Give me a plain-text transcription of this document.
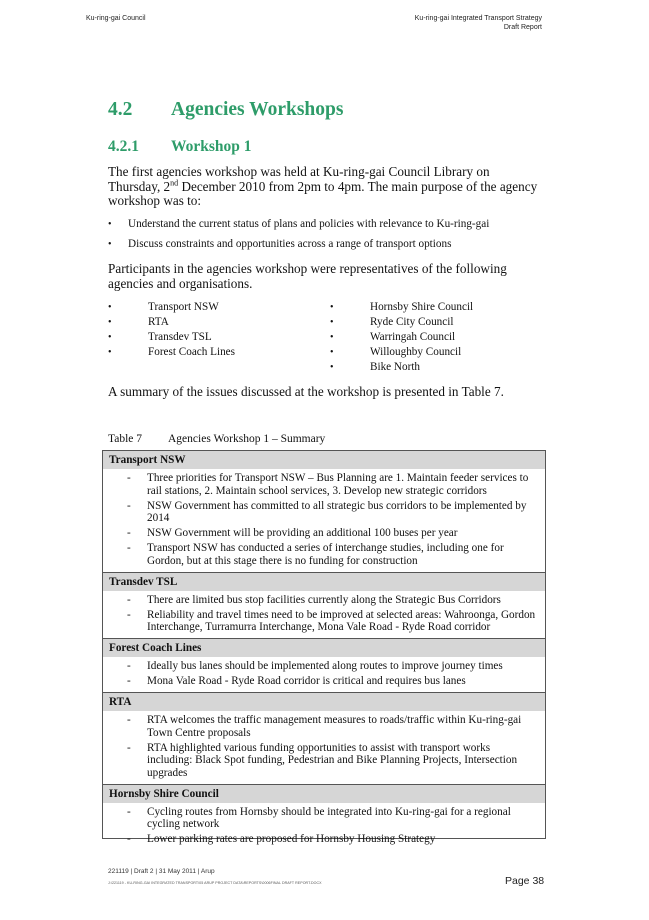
Ku-ring-gai Council	Ku-ring-gai Integrated Transport Strategy
Draft Report
4.2 Agencies Workshops
4.2.1 Workshop 1
The first agencies workshop was held at Ku-ring-gai Council Library on Thursday, 2nd December 2010 from 2pm to 4pm. The main purpose of the agency workshop was to:
• Understand the current status of plans and policies with relevance to Ku-ring-gai
• Discuss constraints and opportunities across a range of transport options
Participants in the agencies workshop were representatives of the following agencies and organisations.
•	Transport NSW
•	RTA
•	Transdev TSL
•	Forest Coach Lines
•	Hornsby Shire Council
•	Ryde City Council
•	Warringah Council
•	Willoughby Council
•	Bike North
A summary of the issues discussed at the workshop is presented in Table 7.
Table 7 Agencies Workshop 1 – Summary
Transport NSW
- Three priorities for Transport NSW – Bus Planning are 1. Maintain feeder services to rail stations, 2. Maintain school services, 3. Develop new strategic corridors
- NSW Government has committed to all strategic bus corridors to be implemented by 2014
- NSW Government will be providing an additional 100 buses per year
- Transport NSW has conducted a series of interchange studies, including one for Gordon, but at this stage there is no funding for construction
Transdev TSL
- There are limited bus stop facilities currently along the Strategic Bus Corridors
- Reliability and travel times need to be improved at selected areas: Wahroonga, Gordon Interchange, Turramurra Interchange, Mona Vale Road - Ryde Road corridor
Forest Coach Lines
- Ideally bus lanes should be implemented along routes to improve journey times
- Mona Vale Road - Ryde Road corridor is critical and requires bus lanes
RTA
- RTA welcomes the traffic management measures to roads/traffic within Ku-ring-gai Town Centre proposals
- RTA highlighted various funding opportunities to assist with transport works including: Black Spot funding, Pedestrian and Bike Planning Projects, Intersection upgrades
Hornsby Shire Council
- Cycling routes from Hornsby should be integrated into Ku-ring-gai for a regional cycling network
- Lower parking rates are proposed for Hornsby Housing Strategy
221119 | Draft 2 | 31 May 2011 | Arup
J:\221119 - KU-RING-GAI INTEGRATED TRANSPORT\05 ARUP PROJECT DATA\REPORTS\0006FINAL DRAFT REPORT.DOCX	Page 38
